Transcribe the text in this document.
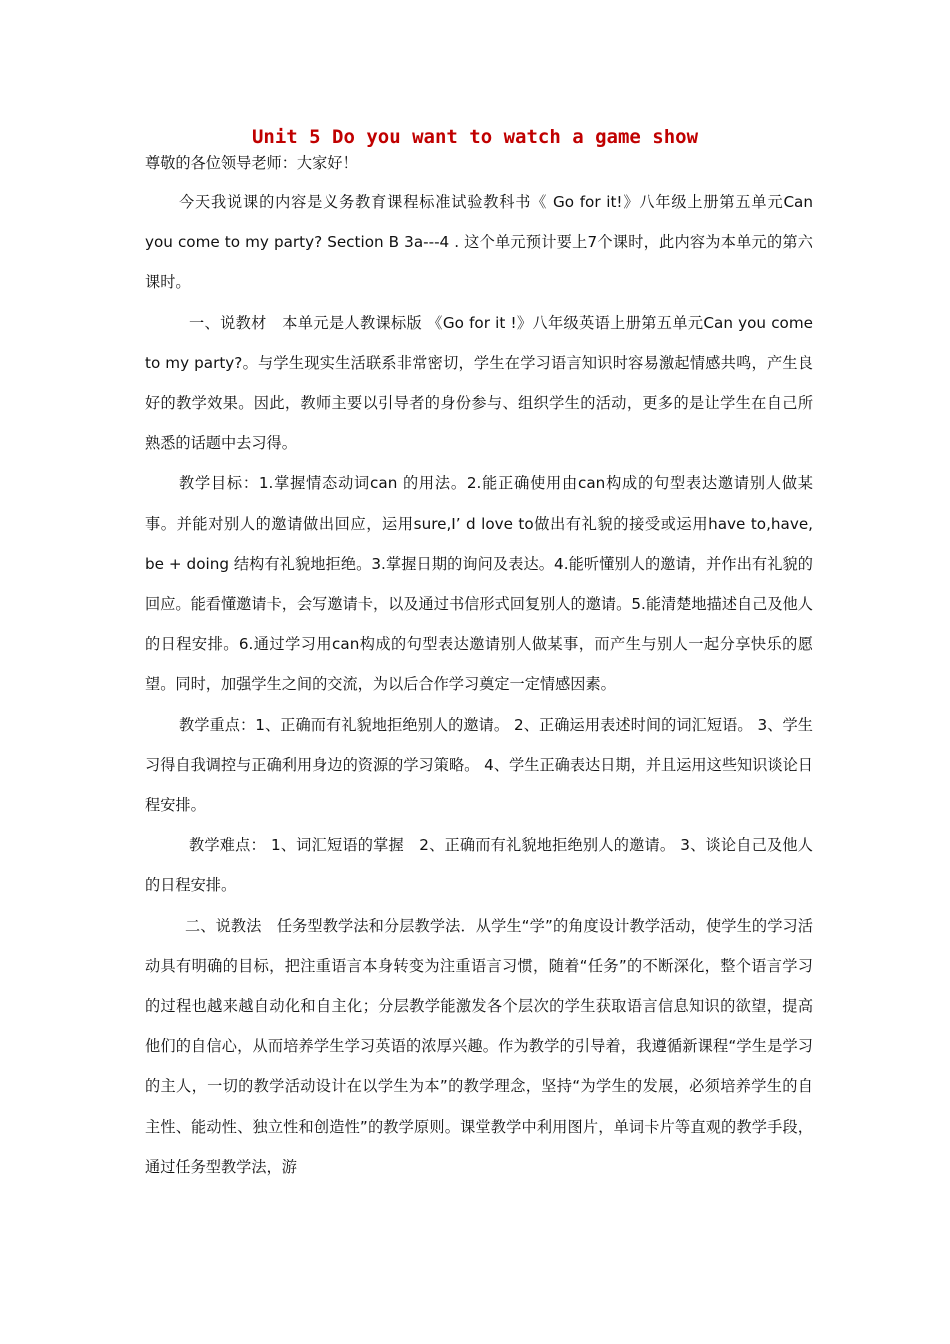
Unit 5 Do you want to watch a game show

尊敬的各位领导老师：大家好！

今天我说课的内容是义务教育课程标准试验教科书《 Go for it!》八年级上册第五单元Can you come to my party? Section B 3a---4 . 这个单元预计要上7个课时，此内容为本单元的第六课时。

一、说教材　本单元是人教课标版 《Go for it !》八年级英语上册第五单元Can you come to my party?。与学生现实生活联系非常密切，学生在学习语言知识时容易激起情感共鸣，产生良好的教学效果。因此，教师主要以引导者的身份参与、组织学生的活动，更多的是让学生在自己所熟悉的话题中去习得。

教学目标：1.掌握情态动词can 的用法。2.能正确使用由can构成的句型表达邀请别人做某事。并能对别人的邀请做出回应，运用sure,I’ d love to做出有礼貌的接受或运用have to,have, be + doing 结构有礼貌地拒绝。3.掌握日期的询问及表达。4.能听懂别人的邀请，并作出有礼貌的回应。能看懂邀请卡，会写邀请卡，以及通过书信形式回复别人的邀请。5.能清楚地描述自己及他人的日程安排。6.通过学习用can构成的句型表达邀请别人做某事，而产生与别人一起分享快乐的愿望。同时，加强学生之间的交流，为以后合作学习奠定一定情感因素。

教学重点：1、正确而有礼貌地拒绝别人的邀请。 2、正确运用表述时间的词汇短语。 3、学生习得自我调控与正确利用身边的资源的学习策略。 4、学生正确表达日期，并且运用这些知识谈论日程安排。

教学难点： 1、词汇短语的掌握　2、正确而有礼貌地拒绝别人的邀请。 3、谈论自己及他人的日程安排。

二、说教法　任务型教学法和分层教学法．从学生“学”的角度设计教学活动，使学生的学习活动具有明确的目标，把注重语言本身转变为注重语言习惯，随着“任务”的不断深化，整个语言学习的过程也越来越自动化和自主化；分层教学能激发各个层次的学生获取语言信息知识的欲望，提高他们的自信心，从而培养学生学习英语的浓厚兴趣。作为教学的引导着，我遵循新课程“学生是学习的主人，一切的教学活动设计在以学生为本”的教学理念，坚持“为学生的发展，必须培养学生的自主性、能动性、独立性和创造性”的教学原则。课堂教学中利用图片，单词卡片等直观的教学手段，通过任务型教学法，游
